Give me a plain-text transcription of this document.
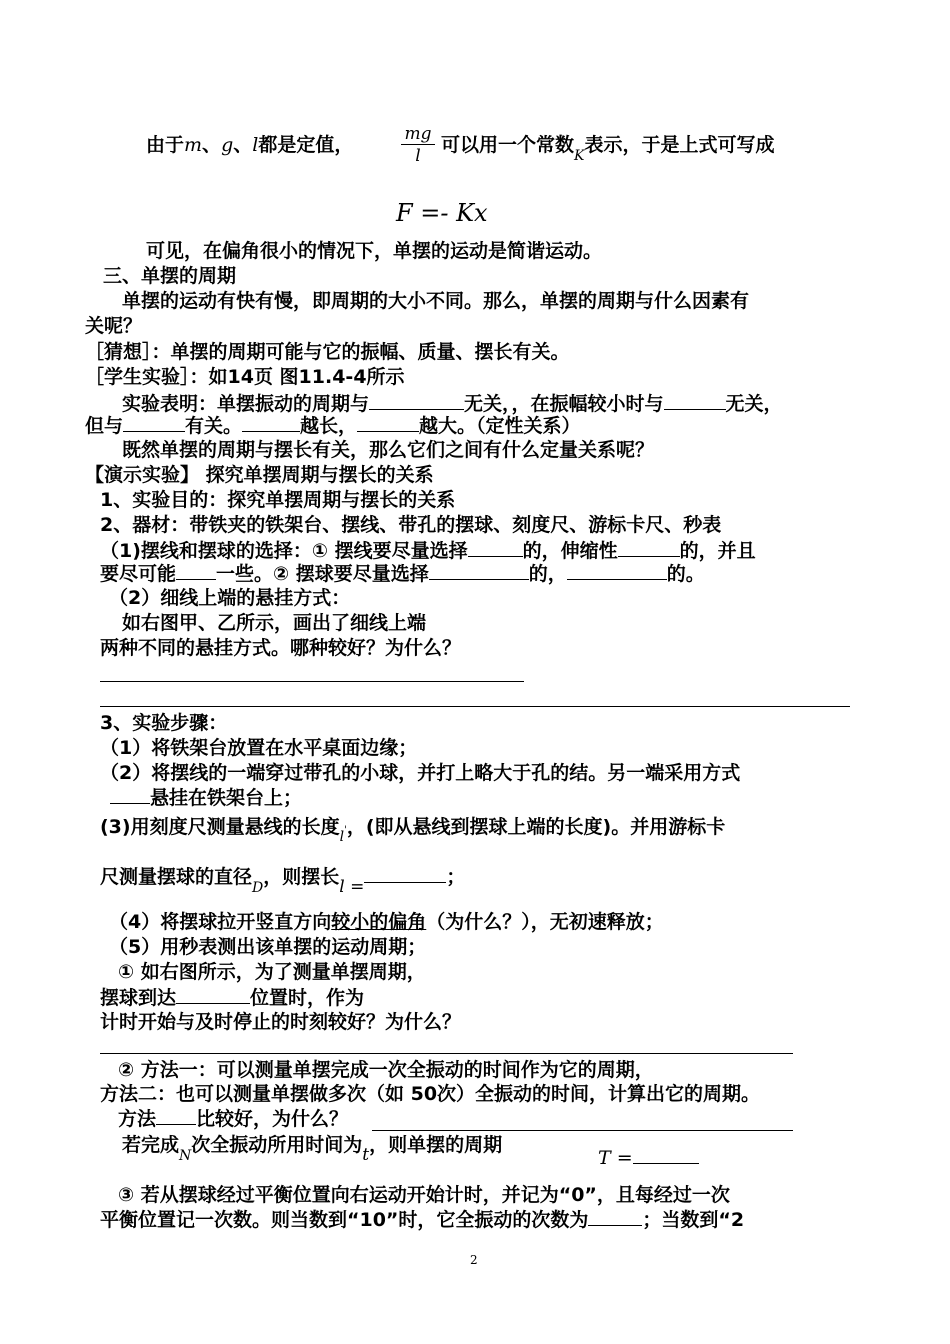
由于m、g、l都是定值，	$\frac{mg}{l}$ 可以用一个常数$_K$表示，于是上式可写成
F =- Kx
可见，在偏角很小的情况下，单摆的运动是简谐运动。
三、单摆的周期
单摆的运动有快有慢，即周期的大小不同。那么，单摆的周期与什么因素有
关呢？
［猜想］：单摆的周期可能与它的振幅、质量、摆长有关。
［学生实验］：如14页 图11.4-4所示
实验表明：单摆振动的周期与	无关，，在振幅较小时与	无关，
但与	有关。	越长，	越大。（定性关系）
既然单摆的周期与摆长有关，那么它们之间有什么定量关系呢？
【演示实验】 探究单摆周期与摆长的关系
1、实验目的：探究单摆周期与摆长的关系
2、器材：带铁夹的铁架台、摆线、带孔的摆球、刻度尺、游标卡尺、秒表
（1)摆线和摆球的选择：① 摆线要尽量选择	的，伸缩性	的，并且
要尽可能 一些。② 摆球要尽量选择	的，	的。
（2）细线上端的悬挂方式：
如右图甲、乙所示，画出了细线上端
两种不同的悬挂方式。哪种较好？为什么？
3、实验步骤：
（1）将铁架台放置在水平桌面边缘；
（2）将摆线的一端穿过带孔的小球，并打上略大于孔的结。另一端采用方式
悬挂在铁架台上；
(3)用刻度尺测量悬线的长度$_{l'}$，(即从悬线到摆球上端的长度)。并用游标卡
尺测量摆球的直径$_D$，则摆长l =	；
（4）将摆球拉开竖直方向较小的偏角（为什么？），无初速释放；
（5）用秒表测出该单摆的运动周期；
① 如右图所示，为了测量单摆周期，
摆球到达	位置时，作为
计时开始与及时停止的时刻较好？为什么？
② 方法一：可以测量单摆完成一次全振动的时间作为它的周期，
方法二：也可以测量单摆做多次（如 50次）全振动的时间，计算出它的周期。
方法 比较好，为什么？
若完成$_N$次全振动所用时间为t，则单摆的周期
T =
③ 若从摆球经过平衡位置向右运动开始计时，并记为“0”，且每经过一次
平衡位置记一次数。则当数到“10”时，它全振动的次数为	；当数到“2
2
